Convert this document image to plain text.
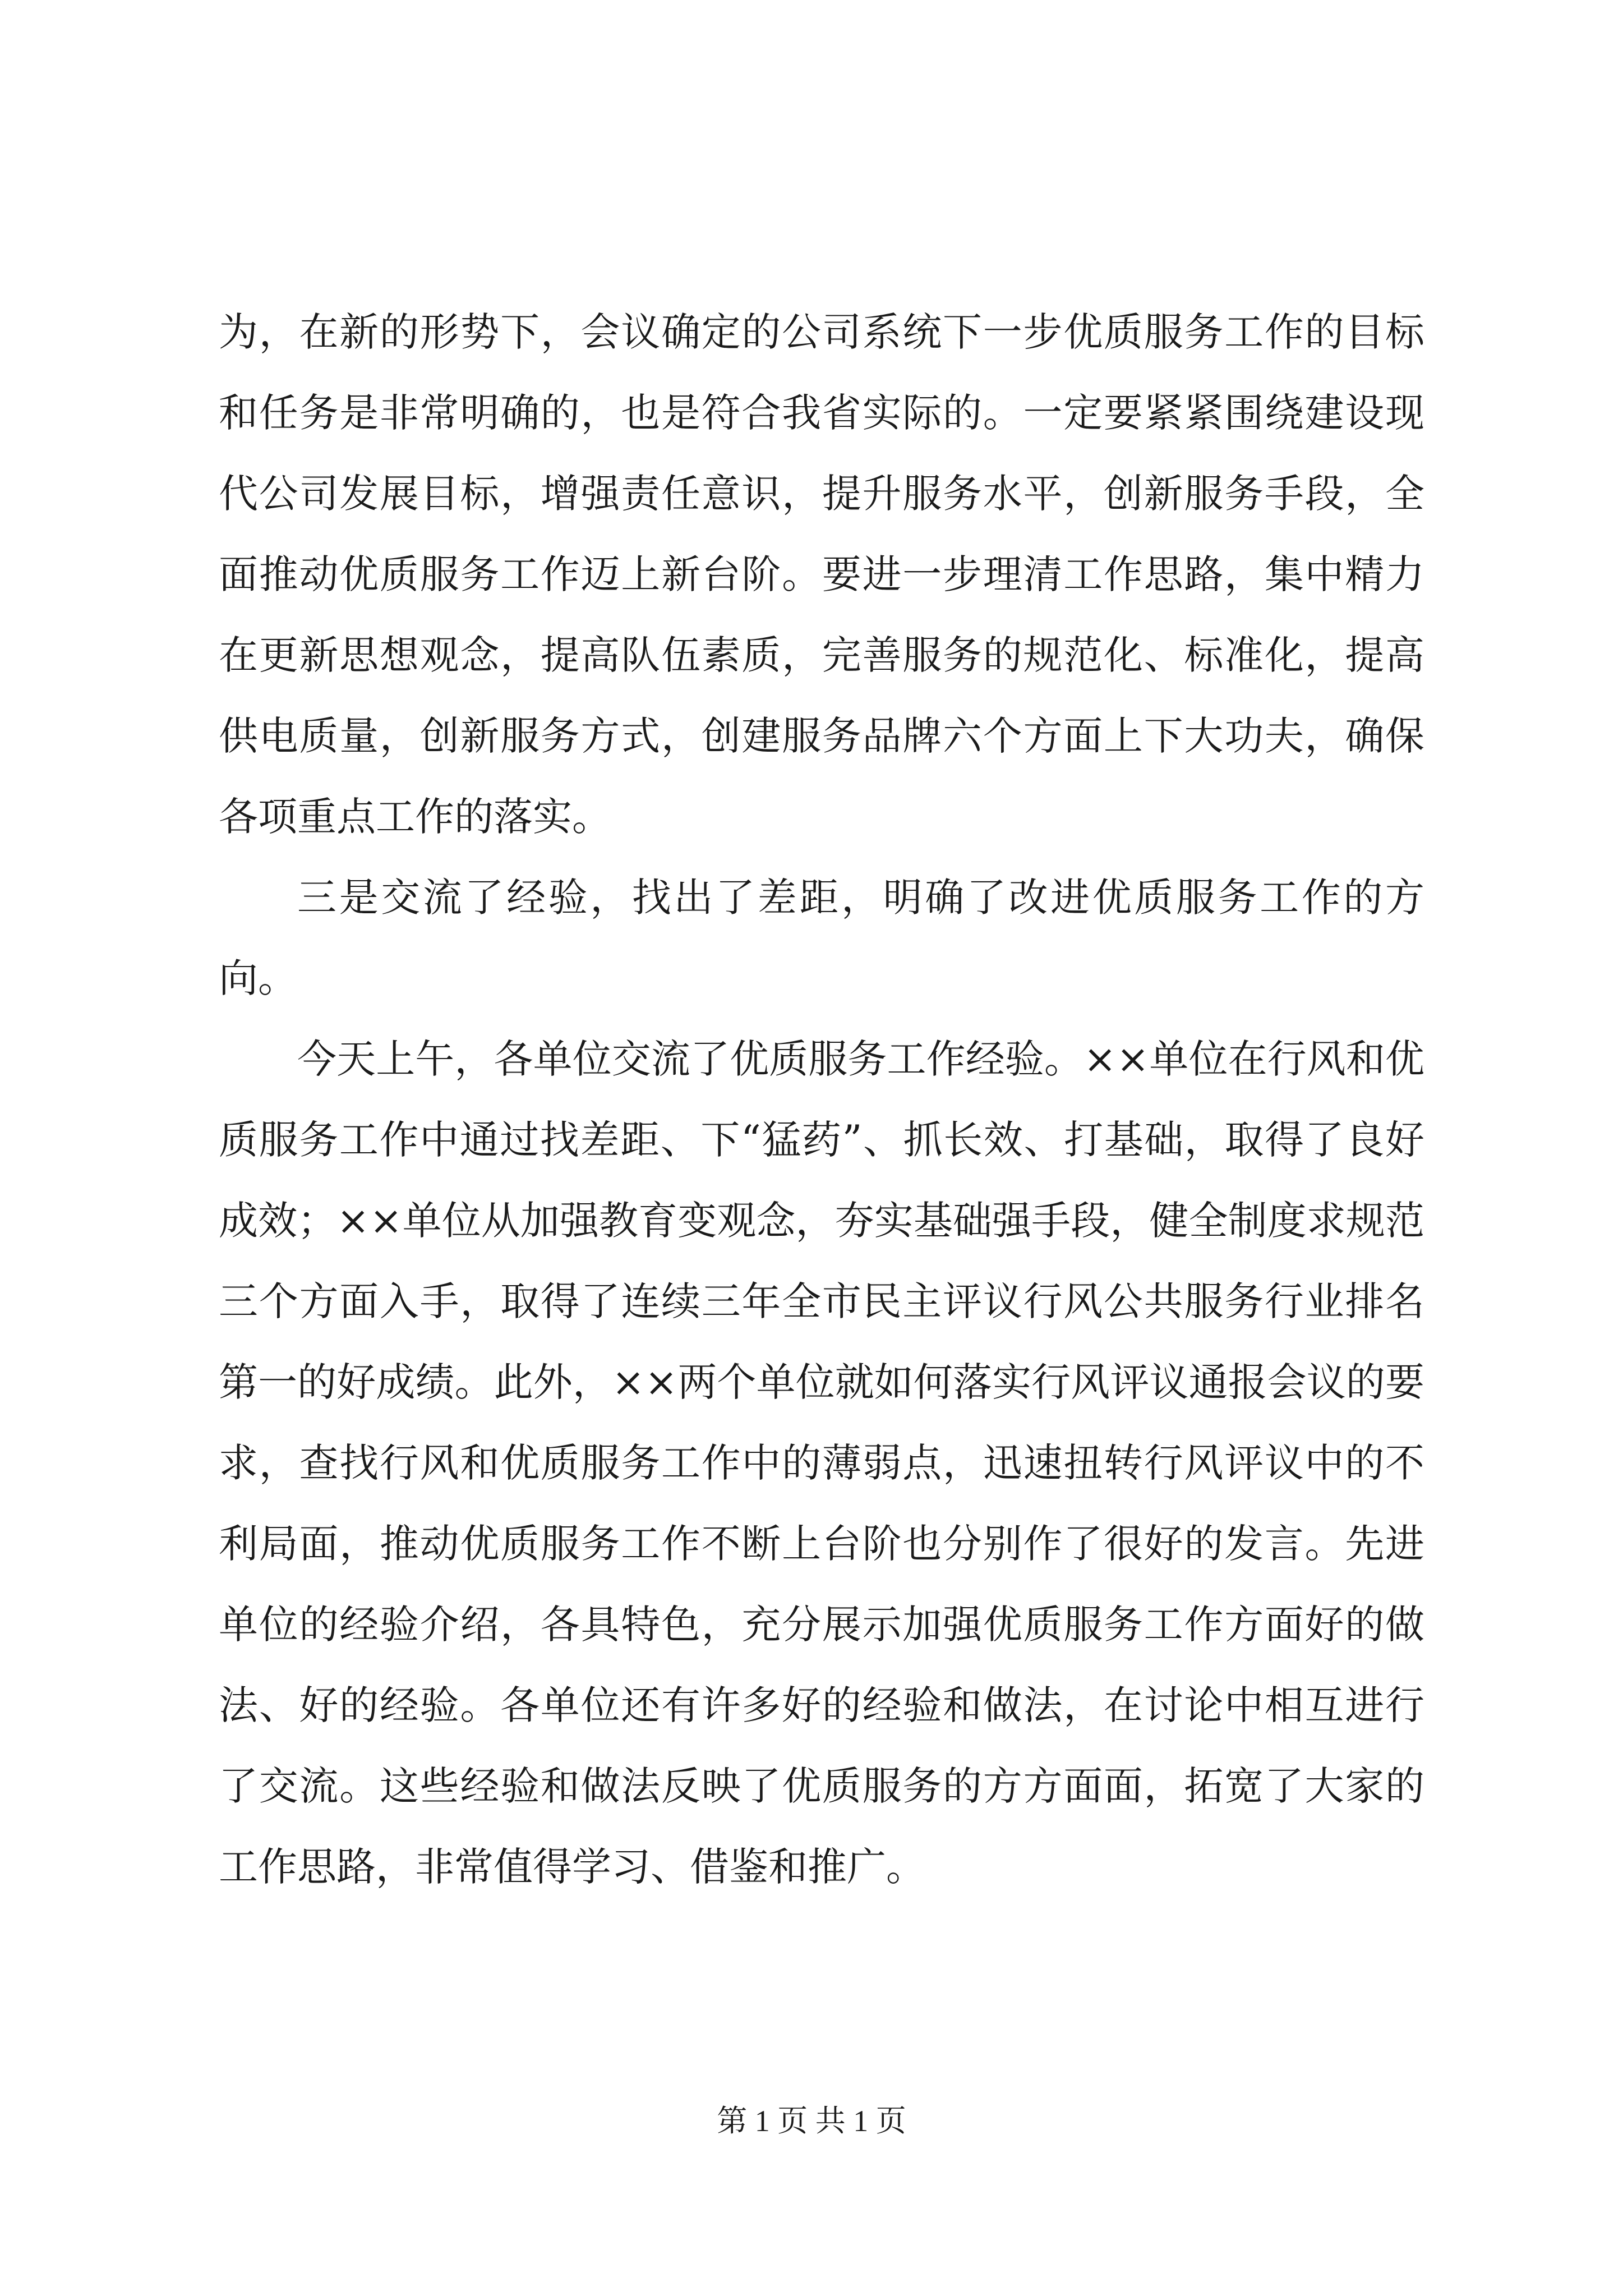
为，在新的形势下，会议确定的公司系统下一步优质服务工作的目标和任务是非常明确的，也是符合我省实际的。一定要紧紧围绕建设现代公司发展目标，增强责任意识，提升服务水平，创新服务手段，全面推动优质服务工作迈上新台阶。要进一步理清工作思路，集中精力在更新思想观念，提高队伍素质，完善服务的规范化、标准化，提高供电质量，创新服务方式，创建服务品牌六个方面上下大功夫，确保各项重点工作的落实。

三是交流了经验，找出了差距，明确了改进优质服务工作的方向。

今天上午，各单位交流了优质服务工作经验。××单位在行风和优质服务工作中通过找差距、下“猛药”、抓长效、打基础，取得了良好成效；××单位从加强教育变观念，夯实基础强手段，健全制度求规范三个方面入手，取得了连续三年全市民主评议行风公共服务行业排名第一的好成绩。此外，××两个单位就如何落实行风评议通报会议的要求，查找行风和优质服务工作中的薄弱点，迅速扭转行风评议中的不利局面，推动优质服务工作不断上台阶也分别作了很好的发言。先进单位的经验介绍，各具特色，充分展示加强优质服务工作方面好的做法、好的经验。各单位还有许多好的经验和做法，在讨论中相互进行了交流。这些经验和做法反映了优质服务的方方面面，拓宽了大家的工作思路，非常值得学习、借鉴和推广。

第 1 页 共 1 页
